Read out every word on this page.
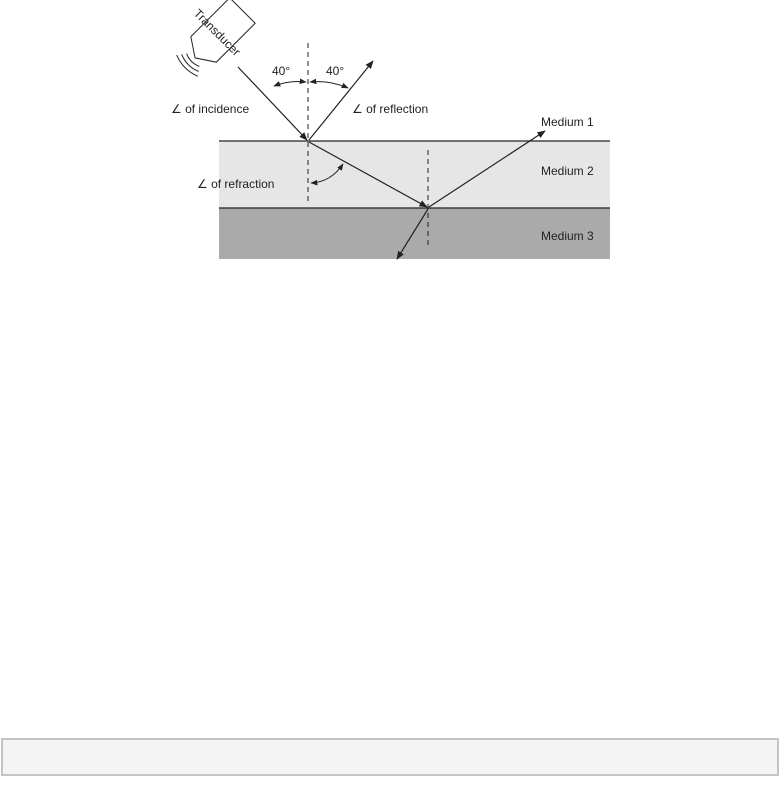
Transducer
40°	40°
∠ of incidence	∠ of reflection
∠ of refraction
Medium 1
Medium 2
Medium 3
